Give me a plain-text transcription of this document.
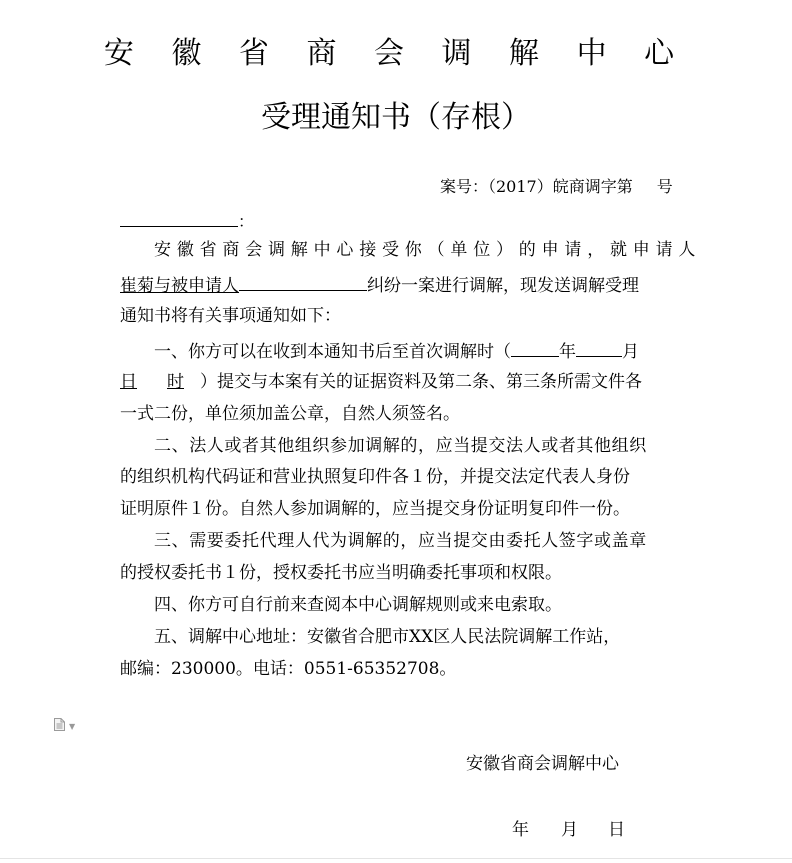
安 徽 省 商 会 调 解 中 心
受理通知书（存根）
案号：（2017）皖商调字第 号
：
安徽省商会调解中心接受你（单位）的申请，就申请人
崔菊与被申请人	纠纷一案进行调解，现发送调解受理
通知书将有关事项通知如下：
一、你方可以在收到本通知书后至首次调解时（	年	月
日 时 ）提交与本案有关的证据资料及第二条、第三条所需文件各
一式二份，单位须加盖公章，自然人须签名。
二、法人或者其他组织参加调解的，应当提交法人或者其他组织
的组织机构代码证和营业执照复印件各１份，并提交法定代表人身份
证明原件１份。自然人参加调解的，应当提交身份证明复印件一份。
三、需要委托代理人代为调解的，应当提交由委托人签字或盖章
的授权委托书１份，授权委托书应当明确委托事项和权限。
四、你方可自行前来查阅本中心调解规则或来电索取。
五、调解中心地址：安徽省合肥市XX区人民法院调解工作站，
邮编：230000。电话：0551-65352708。
▼
安徽省商会调解中心
年 月 日
